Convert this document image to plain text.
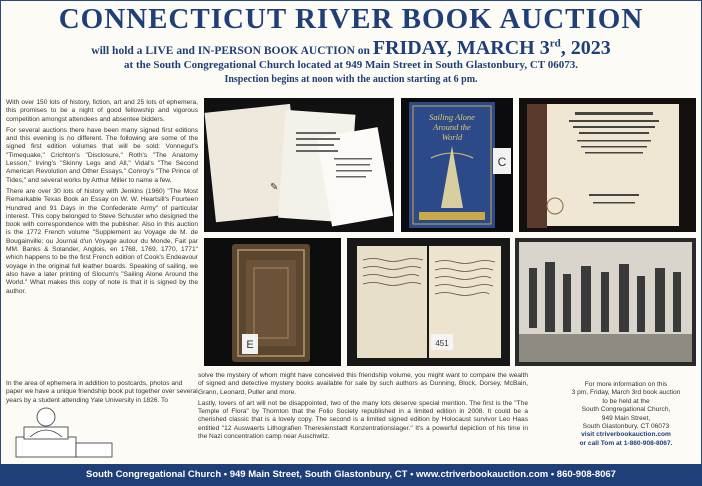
CONNECTICUT RIVER BOOK AUCTION
will hold a LIVE and IN-PERSON BOOK AUCTION on FRIDAY, MARCH 3rd, 2023
at the South Congregational Church located at 949 Main Street in South Glastonbury, CT 06073.
Inspection begins at noon with the auction starting at 6 pm.

With over 150 lots of history, fiction, art and 25 lots of ephemera, this promises to be a night of good fellowship and vigorous competition amongst attendees and absentee bidders.

For several auctions there have been many signed first editions and this evening is no different. The following are some of the signed first edition volumes that will be sold: Vonnegut's "Timequake," Crichton's "Disclosure," Roth's "The Anatomy Lesson," Irving's "Skinny Legs and All," Vidal's "The Second American Revolution and Other Essays," Conroy's "The Prince of Tides," and several works by Arthur Miller to name a few.

There are over 30 lots of history with Jenkins (1960) "The Most Remarkable Texas Book an Essay on W. W. Heartsill's Fourteen Hundred and 91 Days in the Confederate Army" of particular interest. This copy belonged to Steve Schuster who designed the book with correspondence with the publisher. Also in this auction is the 1772 French volume "Supplement au Voyage de M. de Bougainville; ou Journal d'un Voyage autour du Monde, Fait par MM. Banks & Solander, Anglois, en 1768, 1769, 1770, 1771" which happens to be the first French edition of Cook's Endeavour voyage in the original full leather boards. Speaking of sailing, we also have a later printing of Slocum's "Sailing Alone Around the World." What makes this copy of note is that it is signed by the author.

✎
Sailing Alone
Around the
World
C
E	451
In the area of ephemera in addition to postcards, photos and paper we have a unique friendship book put together over several years by a student attending Yale University in 1826. To

solve the mystery of whom might have conceived this friendship volume, you might want to compare the wealth of signed and detective mystery books available for sale by such authors as Dunning, Block, Dorsey, McBain, Grann, Leonard, Puller and more.

Lastly, lovers of art will not be disappointed, two of the many lots deserve special mention. The first is the "The Temple of Flora" by Thornton that the Folio Society republished in a limited edition in 2008. It could be a cherished classic that is a lovely copy. The second is a limited signed edition by Holocaust survivor Leo Haas entitled "12 Auswaerts Lithografien Theresienstadt Konzentrationslager." It's a powerful depiction of his time in the Nazi concentration camp near Auschwitz.

For more information on this
3 pm, Friday, March 3rd book auction
to be held at the
South Congregational Church,
949 Main Street,
South Glastonbury, CT 06073
visit ctriverbookauction.com
or call Tom at 1-860-908-8067.
South Congregational Church • 949 Main Street, South Glastonbury, CT • www.ctriverbookauction.com • 860-908-8067
